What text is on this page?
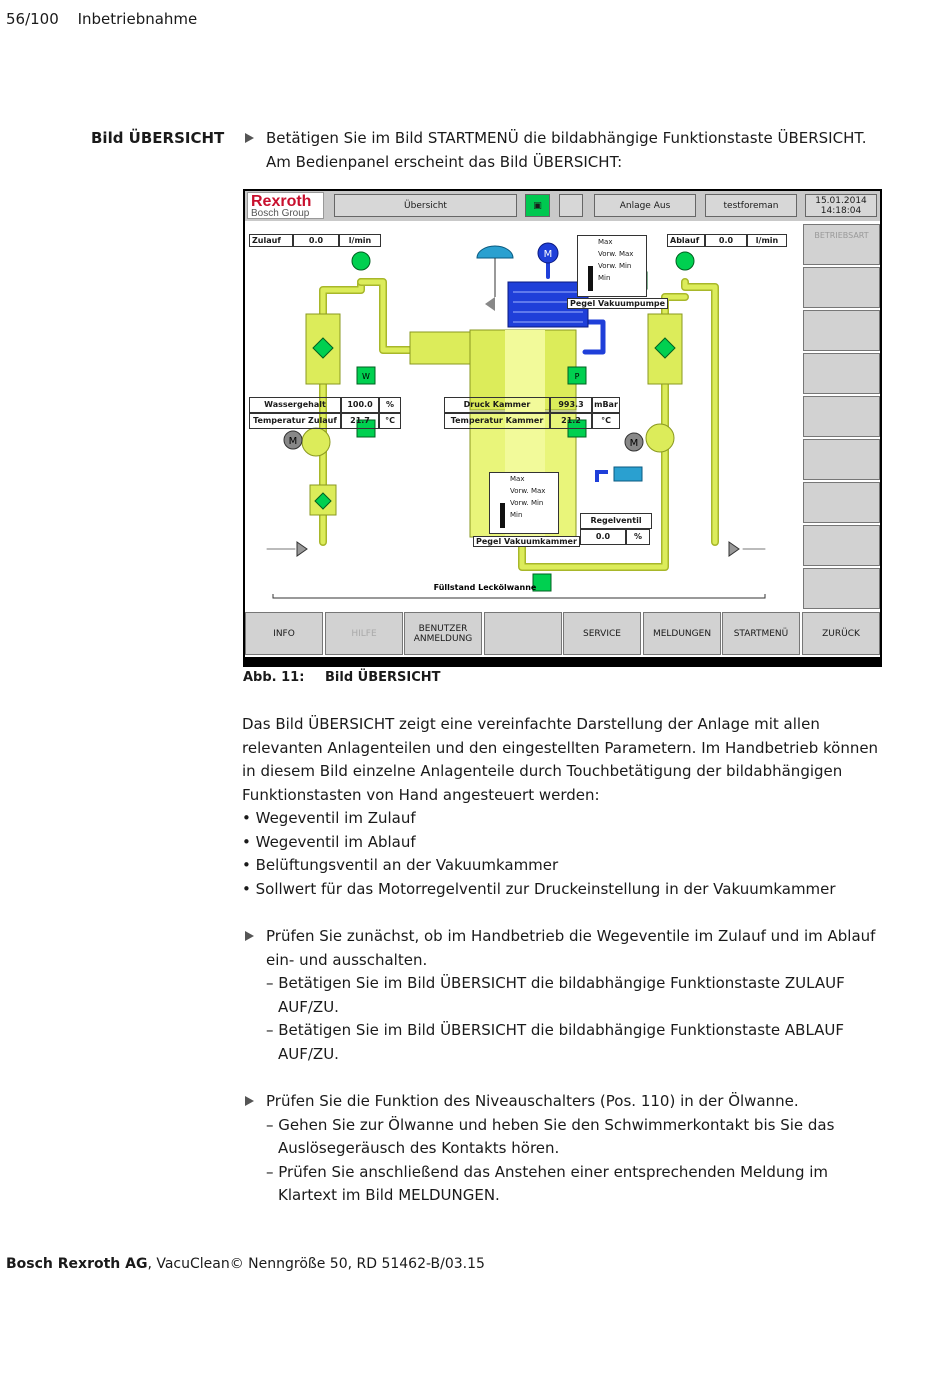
56/100 Inbetriebnahme
Bild ÜBERSICHT	Betätigen Sie im Bild STARTMENÜ die bildabhängige Funktionstaste ÜBERSICHT.
Am Bedienpanel erscheint das Bild ÜBERSICHT:
Rexroth
Bosch Group
Übersicht	▣	Anlage Aus	testforeman	15.01.2014
14:18:04
M
W	P
M	M
Füllstand Leckölwanne
Zulauf	0.0	l/min	Ablauf 0.0	l/min
Wassergehalt	100.0 %
Temperatur Zulauf 21.7 °C
Druck Kammer	993.3 mBar
Temperatur Kammer 21.2	°C
Max
Vorw. Max
Vorw. Min
Min
Pegel Vakuumpumpe
Max
Vorw. Max
Vorw. Min
Min
Pegel Vakuumkammer
Regelventil
0.0	%
BETRIEBSART
INFO	HILFE	BENUTZER ANMELDUNG	SERVICE	MELDUNGEN	STARTMENÜ	ZURÜCK
Abb. 11: Bild ÜBERSICHT
Das Bild ÜBERSICHT zeigt eine vereinfachte Darstellung der Anlage mit allen relevanten Anlagenteilen und den eingestellten Parametern. Im Handbetrieb können in diesem Bild einzelne Anlagenteile durch Touchbetätigung der bildabhängigen Funktionstasten von Hand angesteuert werden:
• Wegeventil im Zulauf
• Wegeventil im Ablauf
• Belüftungsventil an der Vakuumkammer
• Sollwert für das Motorregelventil zur Druckeinstellung in der Vakuumkammer
Prüfen Sie zunächst, ob im Handbetrieb die Wegeventile im Zulauf und im Ablauf
ein- und ausschalten.
– Betätigen Sie im Bild ÜBERSICHT die bildabhängige Funktionstaste ZULAUF
AUF/ZU.
– Betätigen Sie im Bild ÜBERSICHT die bildabhängige Funktionstaste ABLAUF
AUF/ZU.
Prüfen Sie die Funktion des Niveauschalters (Pos. 110) in der Ölwanne.
– Gehen Sie zur Ölwanne und heben Sie den Schwimmerkontakt bis Sie das
Auslösegeräusch des Kontakts hören.
– Prüfen Sie anschließend das Anstehen einer entsprechenden Meldung im
Klartext im Bild MELDUNGEN.
Bosch Rexroth AG, VacuClean© Nenngröße 50, RD 51462-B/03.15
